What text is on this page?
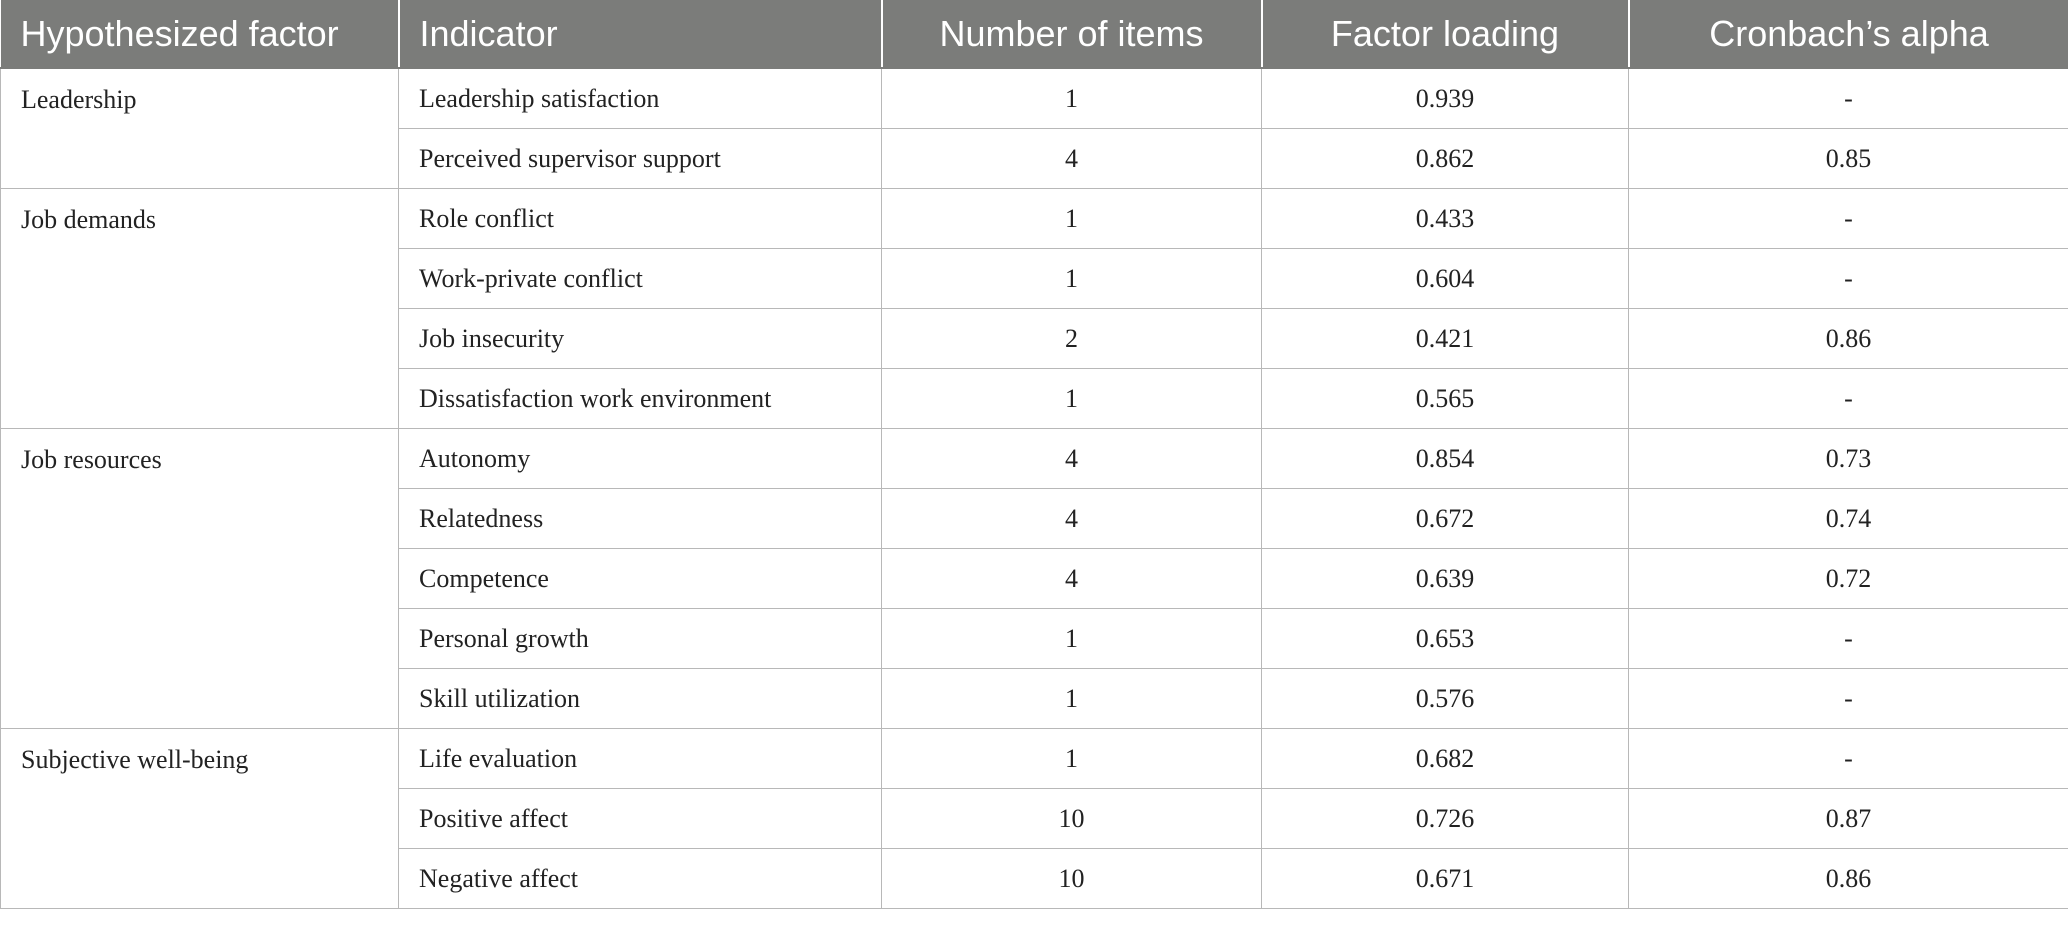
Hypothesized factor	Indicator	Number of items	Factor loading	Cronbach’s alpha
Leadership	Leadership satisfaction	1	0.939	-
	Perceived supervisor support	4	0.862	0.85
Job demands	Role conflict	1	0.433	-
	Work-private conflict	1	0.604	-
	Job insecurity	2	0.421	0.86
	Dissatisfaction work environment	1	0.565	-
Job resources	Autonomy	4	0.854	0.73
	Relatedness	4	0.672	0.74
	Competence	4	0.639	0.72
	Personal growth	1	0.653	-
	Skill utilization	1	0.576	-
Subjective well-being	Life evaluation	1	0.682	-
	Positive affect	10	0.726	0.87
	Negative affect	10	0.671	0.86
